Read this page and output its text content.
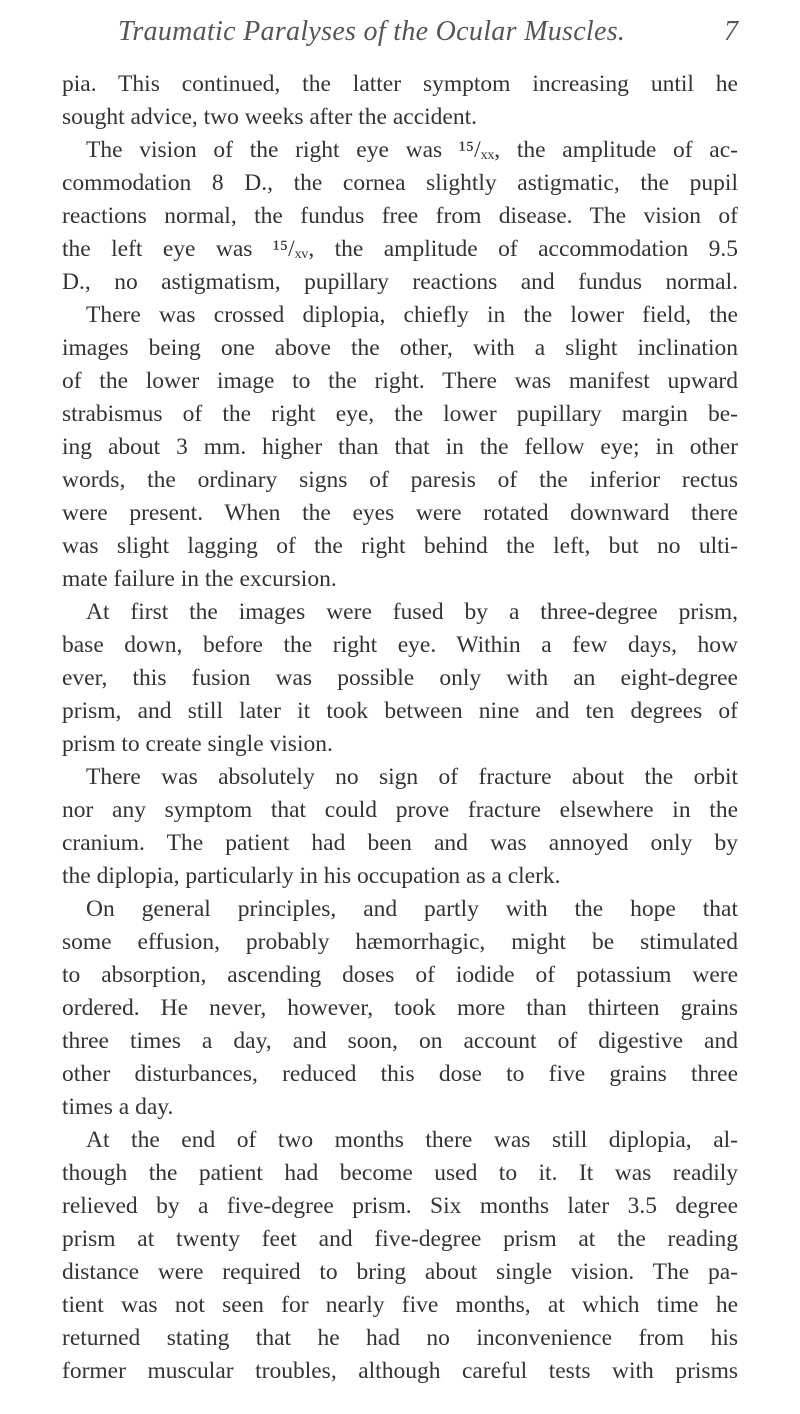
Traumatic Paralyses of the Ocular Muscles.	7
pia. This continued, the latter symptom increasing until he
sought advice, two weeks after the accident.
The vision of the right eye was ¹⁵/ₓₓ, the amplitude of ac-
commodation 8 D., the cornea slightly astigmatic, the pupil
reactions normal, the fundus free from disease. The vision of
the left eye was ¹⁵/ₓᵥ, the amplitude of accommodation 9.5
D., no astigmatism, pupillary reactions and fundus normal.
There was crossed diplopia, chiefly in the lower field, the
images being one above the other, with a slight inclination
of the lower image to the right. There was manifest upward
strabismus of the right eye, the lower pupillary margin be-
ing about 3 mm. higher than that in the fellow eye; in other
words, the ordinary signs of paresis of the inferior rectus
were present. When the eyes were rotated downward there
was slight lagging of the right behind the left, but no ulti-
mate failure in the excursion.
At first the images were fused by a three-degree prism,
base down, before the right eye. Within a few days, how
ever, this fusion was possible only with an eight-degree
prism, and still later it took between nine and ten degrees of
prism to create single vision.
There was absolutely no sign of fracture about the orbit
nor any symptom that could prove fracture elsewhere in the
cranium. The patient had been and was annoyed only by
the diplopia, particularly in his occupation as a clerk.
On general principles, and partly with the hope that
some effusion, probably hæmorrhagic, might be stimulated
to absorption, ascending doses of iodide of potassium were
ordered. He never, however, took more than thirteen grains
three times a day, and soon, on account of digestive and
other disturbances, reduced this dose to five grains three
times a day.
At the end of two months there was still diplopia, al-
though the patient had become used to it. It was readily
relieved by a five-degree prism. Six months later 3.5 degree
prism at twenty feet and five-degree prism at the reading
distance were required to bring about single vision. The pa-
tient was not seen for nearly five months, at which time he
returned stating that he had no inconvenience from his
former muscular troubles, although careful tests with prisms
